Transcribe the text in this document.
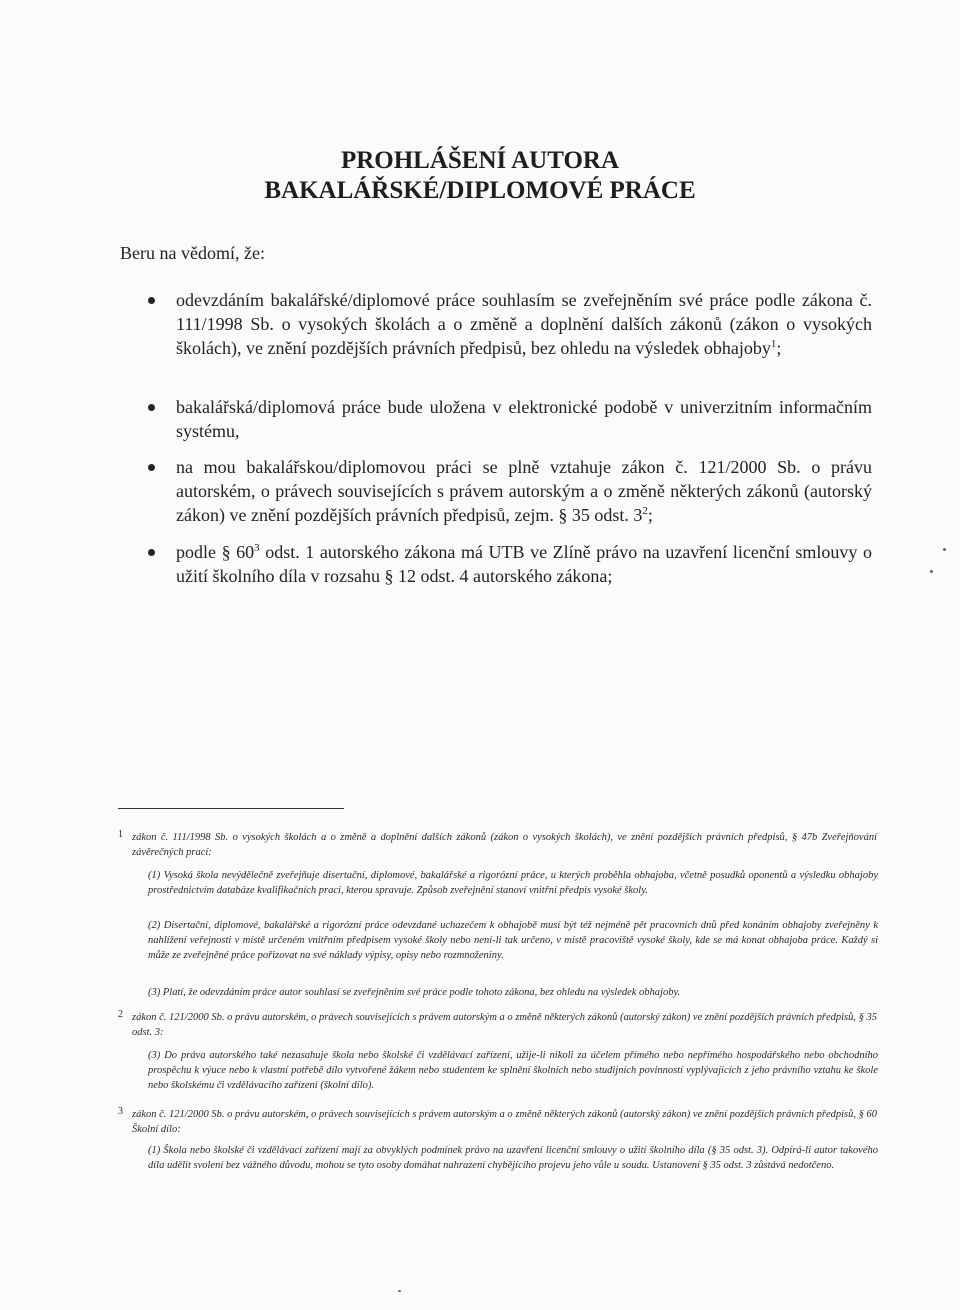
PROHLÁŠENÍ AUTORA
BAKALÁŘSKÉ/DIPLOMOVÉ PRÁCE
Beru na vědomí, že:
odevzdáním bakalářské/diplomové práce souhlasím se zveřejněním své práce podle zákona č. 111/1998 Sb. o vysokých školách a o změně a doplnění dalších zákonů (zákon o vysokých školách), ve znění pozdějších právních předpisů, bez ohledu na výsledek obhajoby$^1$;
bakalářská/diplomová práce bude uložena v elektronické podobě v univerzitním informačním systému,
na mou bakalářskou/diplomovou práci se plně vztahuje zákon č. 121/2000 Sb. o právu autorském, o právech souvisejících s právem autorským a o změně některých zákonů (autorský zákon) ve znění pozdějších právních předpisů, zejm. § 35 odst. $3^2$;
podle § $60^3$ odst. 1 autorského zákona má UTB ve Zlíně právo na uzavření licenční smlouvy o užití školního díla v rozsahu § 12 odst. 4 autorského zákona;
1 zákon č. 111/1998 Sb. o vysokých školách a o změně a doplnění dalších zákonů (zákon o vysokých školách), ve znění pozdějších právních předpisů, § 47b Zveřejňování závěrečných prací:
(1) Vysoká škola nevýdělečně zveřejňuje disertační, diplomové, bakalářské a rigorózní práce, u kterých proběhla obhajoba, včetně posudků oponentů a výsledku obhajoby prostřednictvím databáze kvalifikačních prací, kterou spravuje. Způsob zveřejnění stanoví vnitřní předpis vysoké školy.
(2) Disertační, diplomové, bakalářské a rigorózní práce odevzdané uchazečem k obhajobě musí být též nejméně pět pracovních dnů před konáním obhajoby zveřejněny k nahlížení veřejnosti v místě určeném vnitřním předpisem vysoké školy nebo není-li tak určeno, v místě pracoviště vysoké školy, kde se má konat obhajoba práce. Každý si může ze zveřejněné práce pořizovat na své náklady výpisy, opisy nebo rozmnoženiny.
(3) Platí, že odevzdáním práce autor souhlasí se zveřejněním své práce podle tohoto zákona, bez ohledu na výsledek obhajoby.
2 zákon č. 121/2000 Sb. o právu autorském, o právech souvisejících s právem autorským a o změně některých zákonů (autorský zákon) ve znění pozdějších právních předpisů, § 35 odst. 3:
(3) Do práva autorského také nezasahuje škola nebo školské či vzdělávací zařízení, užije-li nikoli za účelem přímého nebo nepřímého hospodářského nebo obchodního prospěchu k výuce nebo k vlastní potřebě dílo vytvořené žákem nebo studentem ke splnění školních nebo studijních povinností vyplývajících z jeho právního vztahu ke škole nebo školskému či vzdělávacího zařízení (školní dílo).
3 zákon č. 121/2000 Sb. o právu autorském, o právech souvisejících s právem autorským a o změně některých zákonů (autorský zákon) ve znění pozdějších právních předpisů, § 60 Školní dílo:
(1) Škola nebo školské či vzdělávací zařízení mají za obvyklých podmínek právo na uzavření licenční smlouvy o užití školního díla (§ 35 odst. 3). Odpírá-li autor takového díla udělit svolení bez vážného důvodu, mohou se tyto osoby domáhat nahrazení chybějícího projevu jeho vůle u soudu. Ustanovení § 35 odst. 3 zůstává nedotčeno.
